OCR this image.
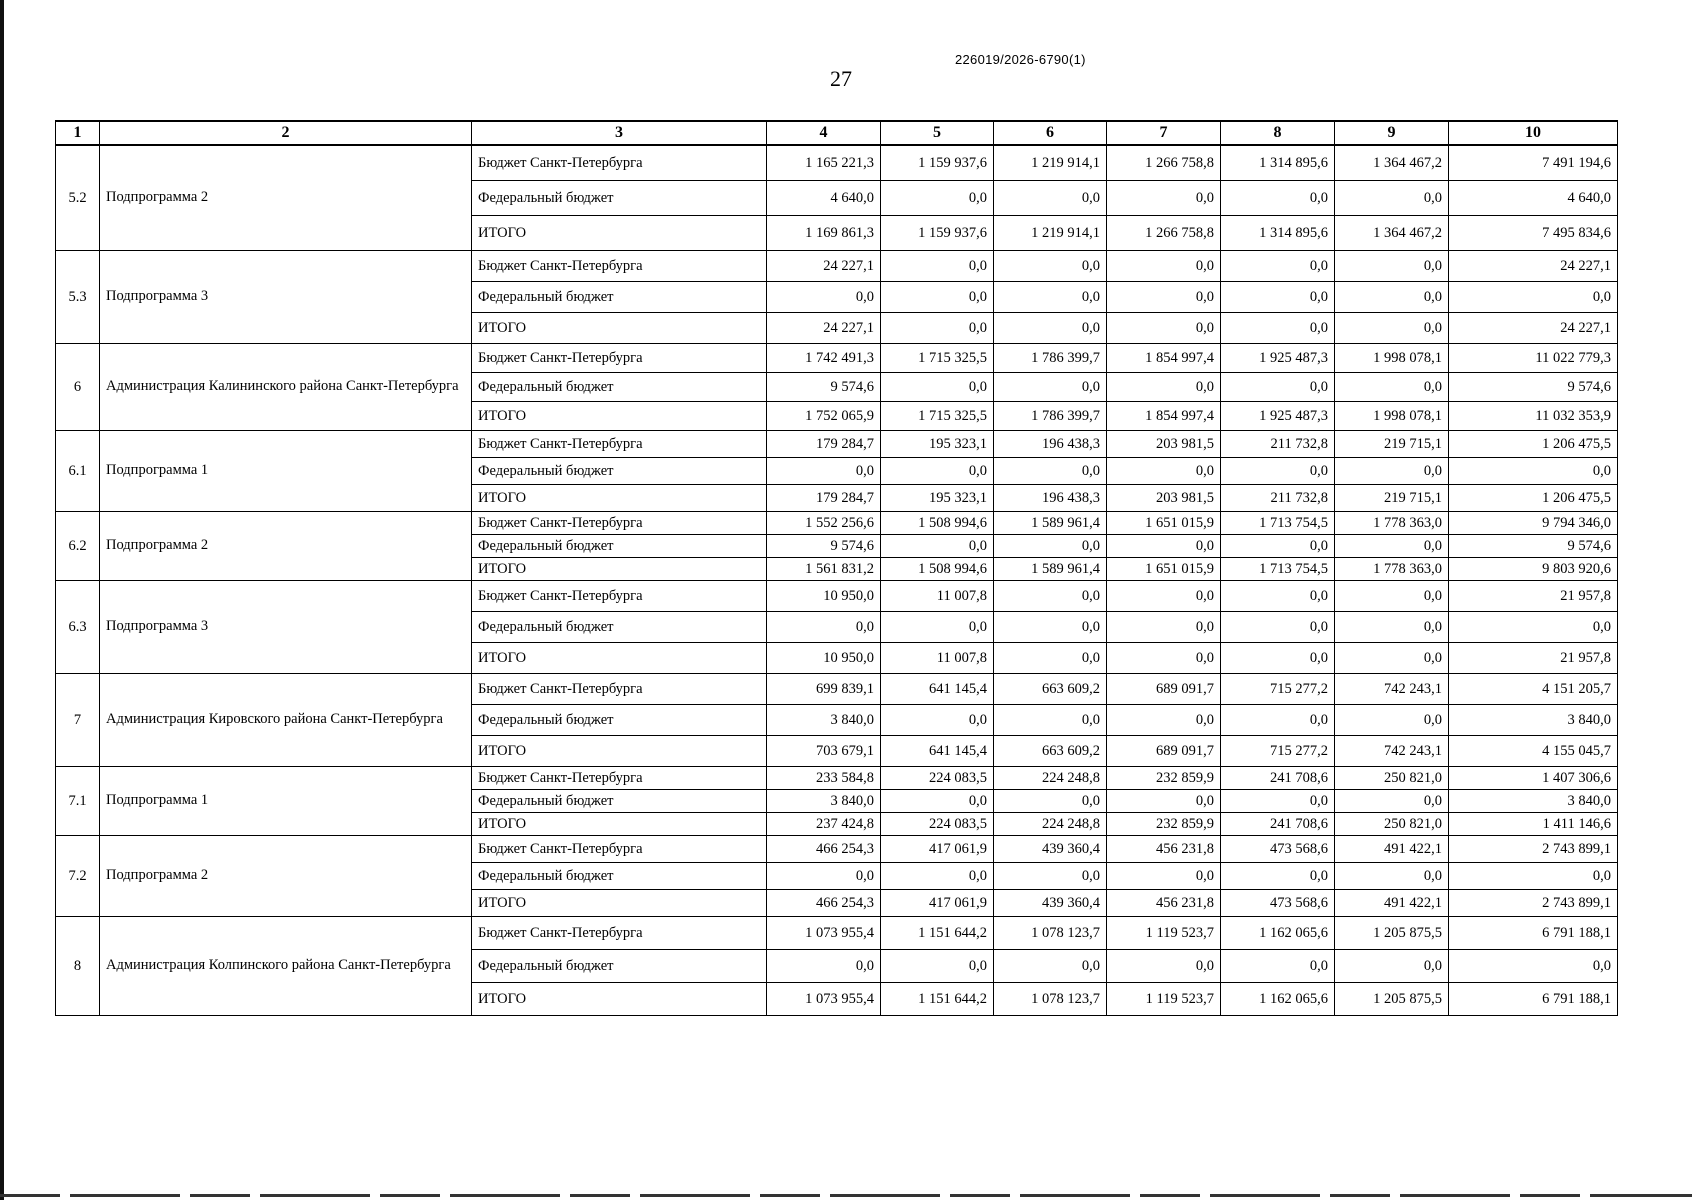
226019/2026-6790(1)
27
1	2	3	4	5	6	7	8	9	10
5.2	Подпрограмма 2	Бюджет Санкт-Петербурга	1 165 221,3	1 159 937,6	1 219 914,1	1 266 758,8	1 314 895,6	1 364 467,2	7 491 194,6
		Федеральный бюджет	4 640,0	0,0	0,0	0,0	0,0	0,0	4 640,0
		ИТОГО	1 169 861,3	1 159 937,6	1 219 914,1	1 266 758,8	1 314 895,6	1 364 467,2	7 495 834,6
5.3	Подпрограмма 3	Бюджет Санкт-Петербурга	24 227,1	0,0	0,0	0,0	0,0	0,0	24 227,1
		Федеральный бюджет	0,0	0,0	0,0	0,0	0,0	0,0	0,0
		ИТОГО	24 227,1	0,0	0,0	0,0	0,0	0,0	24 227,1
6	Администрация Калининского района Санкт-Петербурга	Бюджет Санкт-Петербурга	1 742 491,3	1 715 325,5	1 786 399,7	1 854 997,4	1 925 487,3	1 998 078,1	11 022 779,3
		Федеральный бюджет	9 574,6	0,0	0,0	0,0	0,0	0,0	9 574,6
		ИТОГО	1 752 065,9	1 715 325,5	1 786 399,7	1 854 997,4	1 925 487,3	1 998 078,1	11 032 353,9
6.1	Подпрограмма 1	Бюджет Санкт-Петербурга	179 284,7	195 323,1	196 438,3	203 981,5	211 732,8	219 715,1	1 206 475,5
		Федеральный бюджет	0,0	0,0	0,0	0,0	0,0	0,0	0,0
		ИТОГО	179 284,7	195 323,1	196 438,3	203 981,5	211 732,8	219 715,1	1 206 475,5
6.2	Подпрограмма 2	Бюджет Санкт-Петербурга	1 552 256,6	1 508 994,6	1 589 961,4	1 651 015,9	1 713 754,5	1 778 363,0	9 794 346,0
		Федеральный бюджет	9 574,6	0,0	0,0	0,0	0,0	0,0	9 574,6
		ИТОГО	1 561 831,2	1 508 994,6	1 589 961,4	1 651 015,9	1 713 754,5	1 778 363,0	9 803 920,6
6.3	Подпрограмма 3	Бюджет Санкт-Петербурга	10 950,0	11 007,8	0,0	0,0	0,0	0,0	21 957,8
		Федеральный бюджет	0,0	0,0	0,0	0,0	0,0	0,0	0,0
		ИТОГО	10 950,0	11 007,8	0,0	0,0	0,0	0,0	21 957,8
7	Администрация Кировского района Санкт-Петербурга	Бюджет Санкт-Петербурга	699 839,1	641 145,4	663 609,2	689 091,7	715 277,2	742 243,1	4 151 205,7
		Федеральный бюджет	3 840,0	0,0	0,0	0,0	0,0	0,0	3 840,0
		ИТОГО	703 679,1	641 145,4	663 609,2	689 091,7	715 277,2	742 243,1	4 155 045,7
7.1	Подпрограмма 1	Бюджет Санкт-Петербурга	233 584,8	224 083,5	224 248,8	232 859,9	241 708,6	250 821,0	1 407 306,6
		Федеральный бюджет	3 840,0	0,0	0,0	0,0	0,0	0,0	3 840,0
		ИТОГО	237 424,8	224 083,5	224 248,8	232 859,9	241 708,6	250 821,0	1 411 146,6
7.2	Подпрограмма 2	Бюджет Санкт-Петербурга	466 254,3	417 061,9	439 360,4	456 231,8	473 568,6	491 422,1	2 743 899,1
		Федеральный бюджет	0,0	0,0	0,0	0,0	0,0	0,0	0,0
		ИТОГО	466 254,3	417 061,9	439 360,4	456 231,8	473 568,6	491 422,1	2 743 899,1
8	Администрация Колпинского района Санкт-Петербурга	Бюджет Санкт-Петербурга	1 073 955,4	1 151 644,2	1 078 123,7	1 119 523,7	1 162 065,6	1 205 875,5	6 791 188,1
		Федеральный бюджет	0,0	0,0	0,0	0,0	0,0	0,0	0,0
		ИТОГО	1 073 955,4	1 151 644,2	1 078 123,7	1 119 523,7	1 162 065,6	1 205 875,5	6 791 188,1
